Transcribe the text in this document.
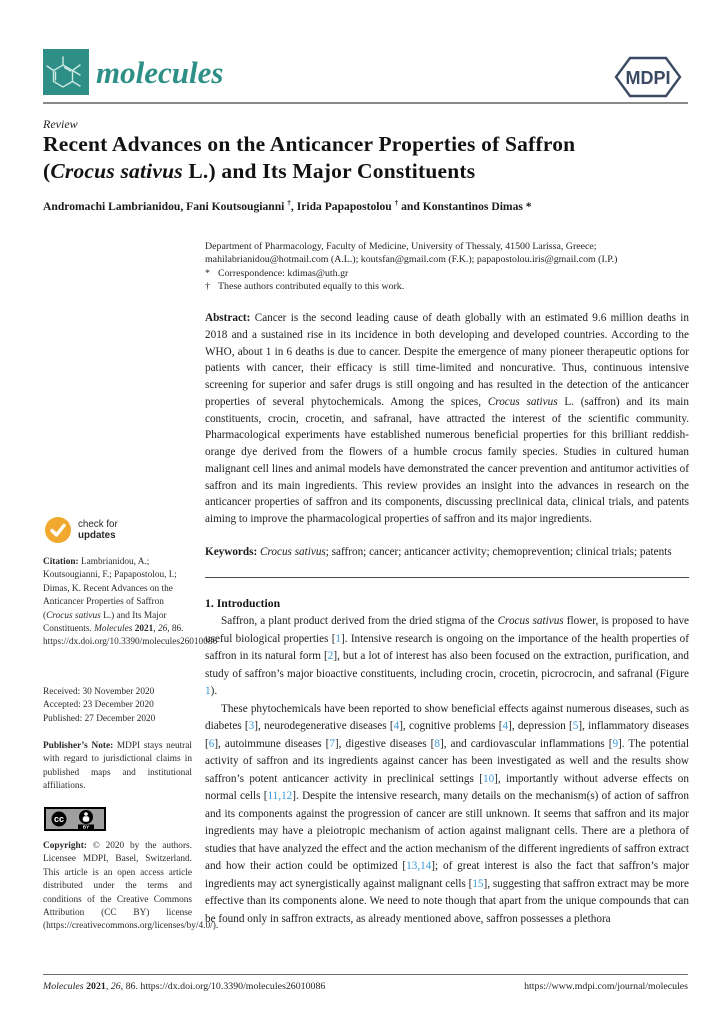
molecules	MDPI
Review
Recent Advances on the Anticancer Properties of Saffron
(Crocus sativus L.) and Its Major Constituents
Andromachi Lambrianidou, Fani Koutsougianni †, Irida Papapostolou † and Konstantinos Dimas *
Department of Pharmacology, Faculty of Medicine, University of Thessaly, 41500 Larissa, Greece;
mahilabrianidou@hotmail.com (A.L.); koutsfan@gmail.com (F.K.); papapostolou.iris@gmail.com (I.P.)
* Correspondence: kdimas@uth.gr
† These authors contributed equally to this work.
Abstract: Cancer is the second leading cause of death globally with an estimated 9.6 million deaths in 2018 and a sustained rise in its incidence in both developing and developed countries. According to the WHO, about 1 in 6 deaths is due to cancer. Despite the emergence of many pioneer therapeutic options for patients with cancer, their efficacy is still time-limited and noncurative. Thus, continuous intensive screening for superior and safer drugs is still ongoing and has resulted in the detection of the anticancer properties of several phytochemicals. Among the spices, Crocus sativus L. (saffron) and its main constituents, crocin, crocetin, and safranal, have attracted the interest of the scientific community. Pharmacological experiments have established numerous beneficial properties for this brilliant reddish-orange dye derived from the flowers of a humble crocus family species. Studies in cultured human malignant cell lines and animal models have demonstrated the cancer prevention and antitumor activities of saffron and its main ingredients. This review provides an insight into the advances in research on the anticancer properties of saffron and its components, discussing preclinical data, clinical trials, and patents aiming to improve the pharmacological properties of saffron and its major ingredients.
Keywords: Crocus sativus; saffron; cancer; anticancer activity; chemoprevention; clinical trials; patents
1. Introduction

Saffron, a plant product derived from the dried stigma of the Crocus sativus flower, is proposed to have useful biological properties [1]. Intensive research is ongoing on the importance of the health properties of saffron in its natural form [2], but a lot of interest has also been focused on the extraction, purification, and study of saffron’s major bioactive constituents, including crocin, crocetin, picrocrocin, and safranal (Figure 1).

These phytochemicals have been reported to show beneficial effects against numerous diseases, such as diabetes [3], neurodegenerative diseases [4], cognitive problems [4], depression [5], inflammatory diseases [6], autoimmune diseases [7], digestive diseases [8], and cardiovascular inflammations [9]. The potential activity of saffron and its ingredients against cancer has been investigated as well and the results show saffron’s potent anticancer activity in preclinical settings [10], importantly without adverse effects on normal cells [11,12]. Despite the intensive research, many details on the mechanism(s) of action of saffron and its components against the progression of cancer are still unknown. It seems that saffron and its major ingredients may have a pleiotropic mechanism of action against malignant cells. There are a plethora of studies that have analyzed the effect and the action mechanism of the different ingredients of saffron extract and how their action could be optimized [13,14]; of great interest is also the fact that saffron’s major ingredients may act synergistically against malignant cells [15], suggesting that saffron extract may be more effective than its components alone. We need to note though that apart from the unique compounds that can be found only in saffron extracts, as already mentioned above, saffron possesses a plethora

check for
updates
Citation: Lambrianidou, A.; Koutsougianni, F.; Papapostolou, I.; Dimas, K. Recent Advances on the Anticancer Properties of Saffron (Crocus sativus L.) and Its Major Constituents. Molecules 2021, 26, 86. https://dx.doi.org/10.3390/molecules26010086
Received: 30 November 2020
Accepted: 23 December 2020
Published: 27 December 2020
Publisher’s Note: MDPI stays neutral with regard to jurisdictional claims in published maps and institutional affiliations.
cc
BY
Copyright: © 2020 by the authors. Licensee MDPI, Basel, Switzerland. This article is an open access article distributed under the terms and conditions of the Creative Commons Attribution (CC BY) license (https://creativecommons.org/licenses/by/4.0/).
Molecules 2021, 26, 86. https://dx.doi.org/10.3390/molecules26010086	https://www.mdpi.com/journal/molecules
